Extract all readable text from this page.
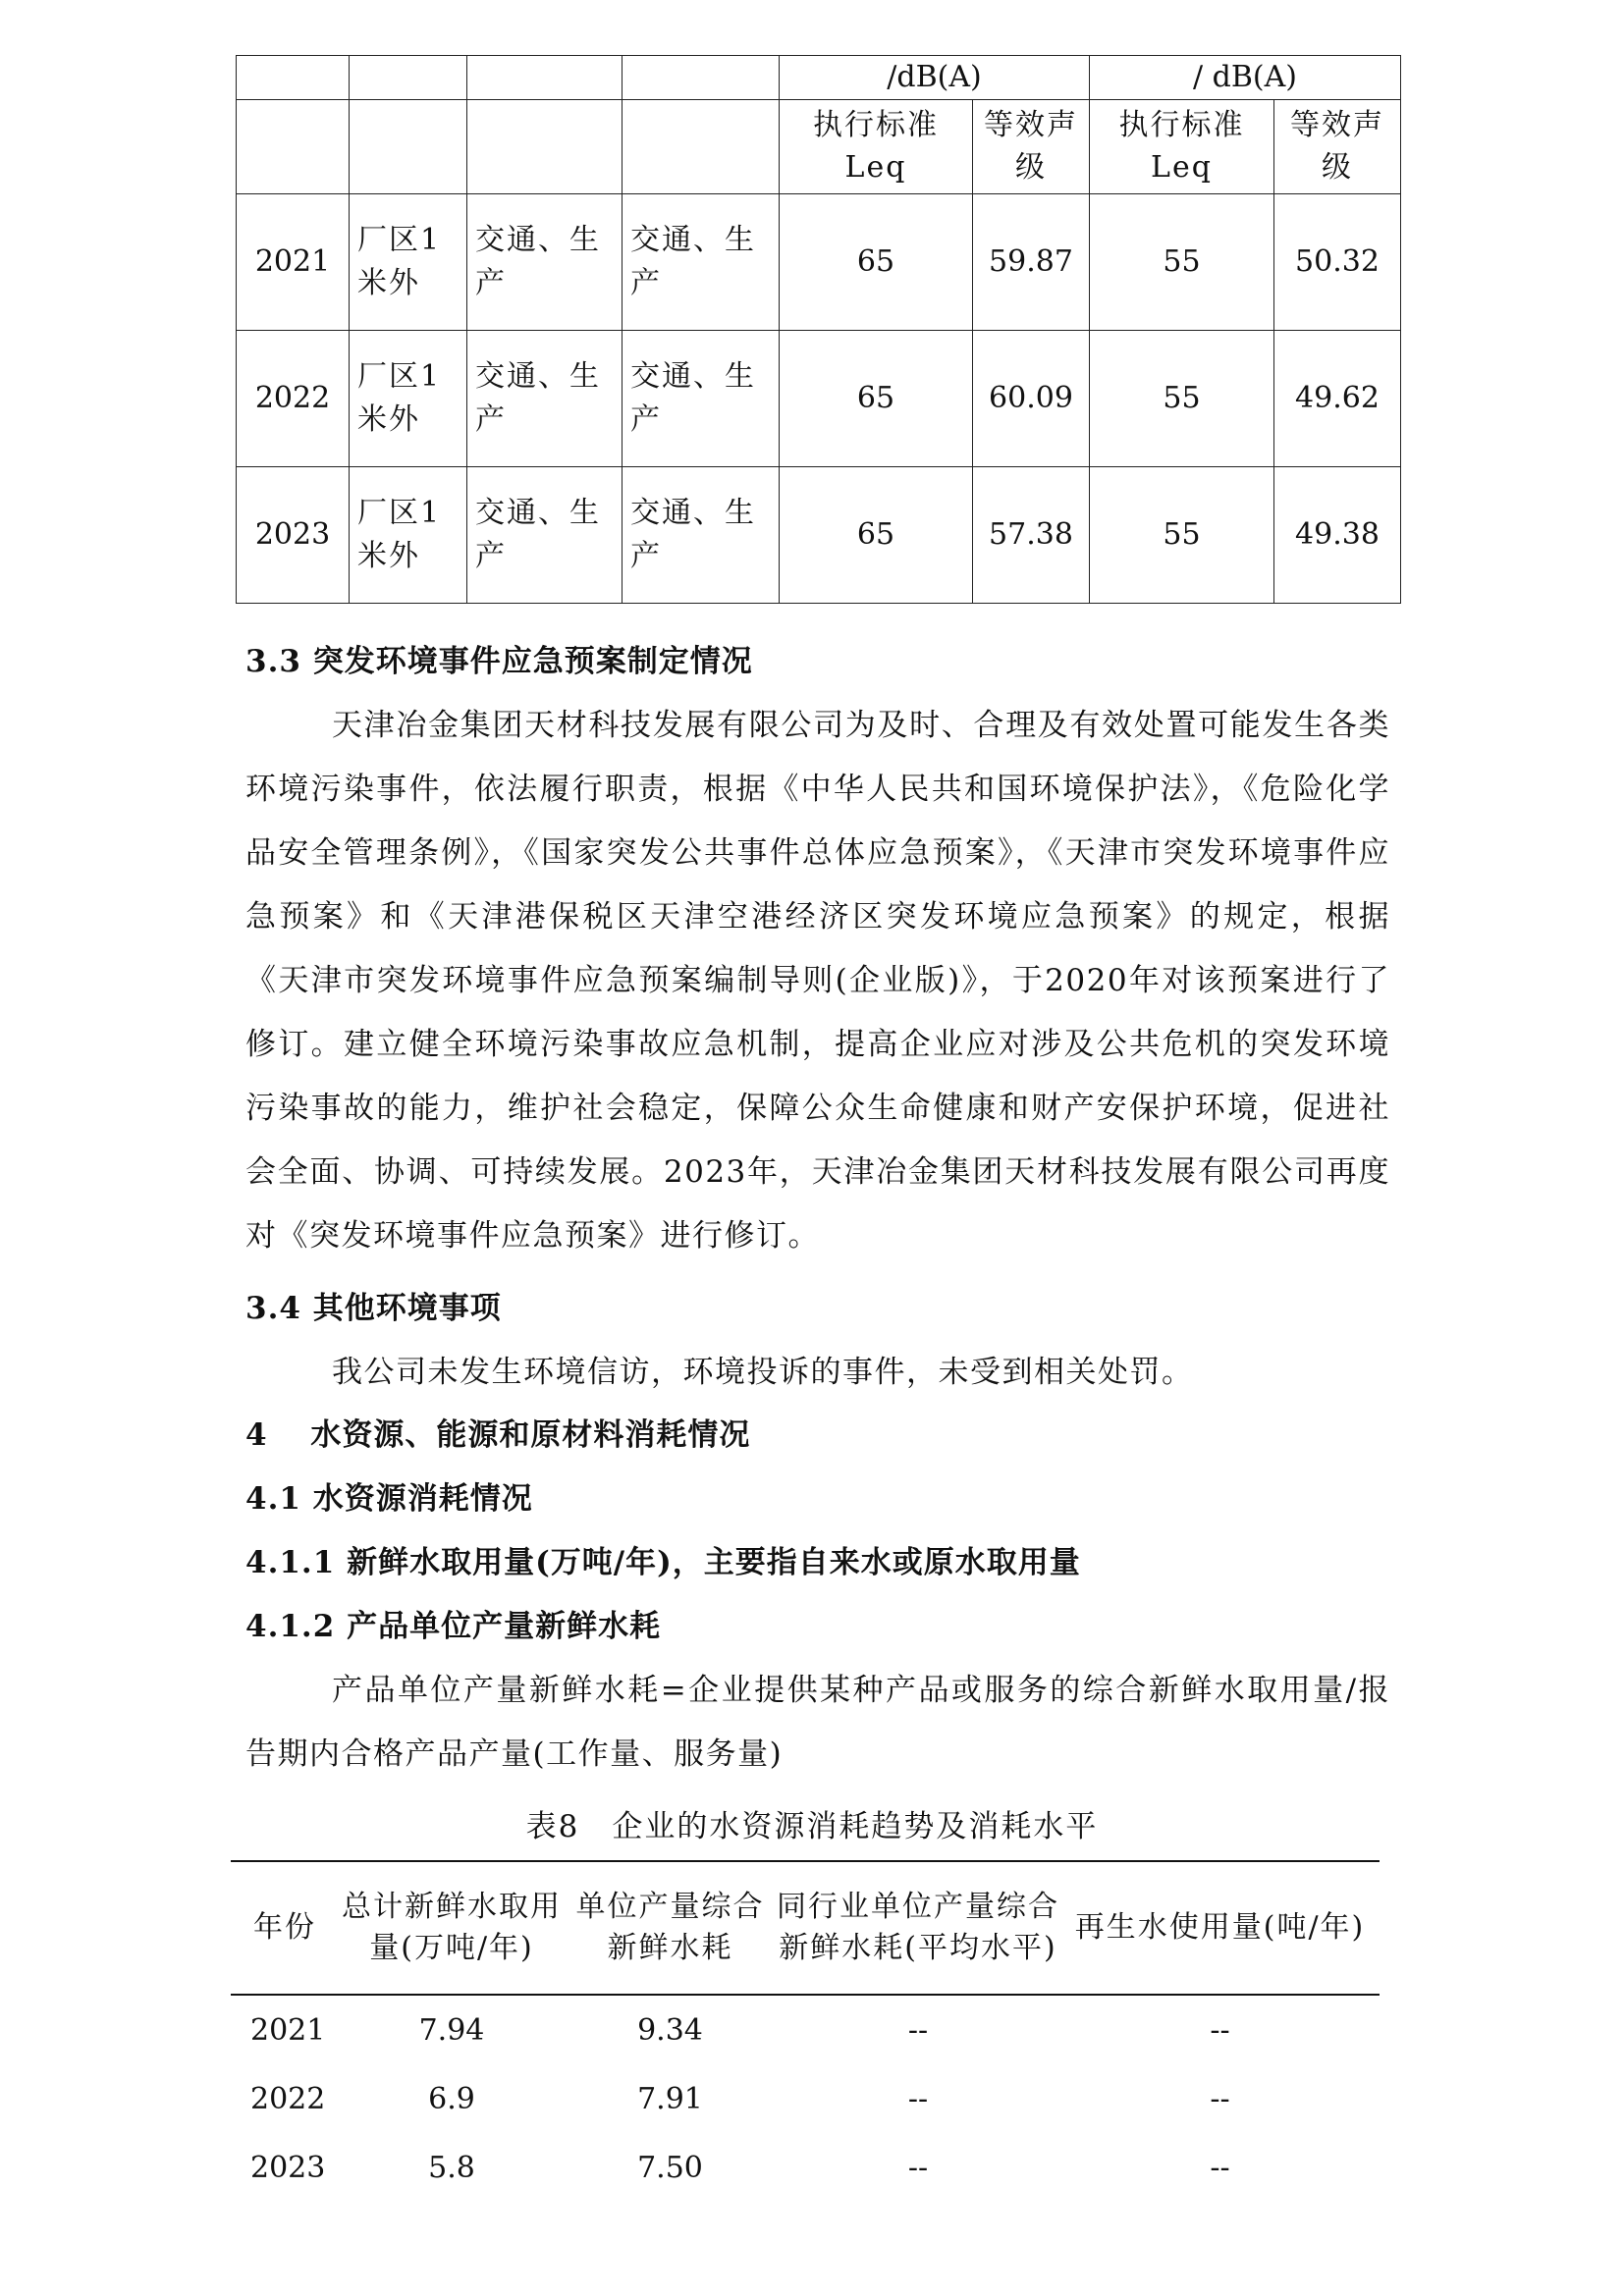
				/dB(A)		/ dB(A)	
				执行标准Leq	等效声级	执行标准Leq	等效声级
2021	厂区1米外	交通、生产	交通、生产	65	59.87	55	50.32
2022	厂区1米外	交通、生产	交通、生产	65	60.09	55	49.62
2023	厂区1米外	交通、生产	交通、生产	65	57.38	55	49.38
3.3 突发环境事件应急预案制定情况
天津冶金集团天材科技发展有限公司为及时、合理及有效处置可能发生各类环境污染事件，依法履行职责，根据《中华人民共和国环境保护法》，《危险化学品安全管理条例》，《国家突发公共事件总体应急预案》，《天津市突发环境事件应急预案》和《天津港保税区天津空港经济区突发环境应急预案》的规定，根据《天津市突发环境事件应急预案编制导则(企业版)》，于2020年对该预案进行了修订。建立健全环境污染事故应急机制，提高企业应对涉及公共危机的突发环境污染事故的能力，维护社会稳定，保障公众生命健康和财产安保护环境，促进社会全面、协调、可持续发展。2023年，天津冶金集团天材科技发展有限公司再度对《突发环境事件应急预案》进行修订。
3.4 其他环境事项
我公司未发生环境信访，环境投诉的事件，未受到相关处罚。
4　 水资源、能源和原材料消耗情况
4.1 水资源消耗情况
4.1.1 新鲜水取用量(万吨/年)，主要指自来水或原水取用量
4.1.2 产品单位产量新鲜水耗
产品单位产量新鲜水耗=企业提供某种产品或服务的综合新鲜水取用量/报告期内合格产品产量(工作量、服务量)
表8　企业的水资源消耗趋势及消耗水平
年份	总计新鲜水取用量(万吨/年)	单位产量综合新鲜水耗	同行业单位产量综合新鲜水耗(平均水平)	再生水使用量(吨/年)
2021	7.94	9.34	--	--
2022	6.9	7.91	--	--
2023	5.8	7.50	--	--
